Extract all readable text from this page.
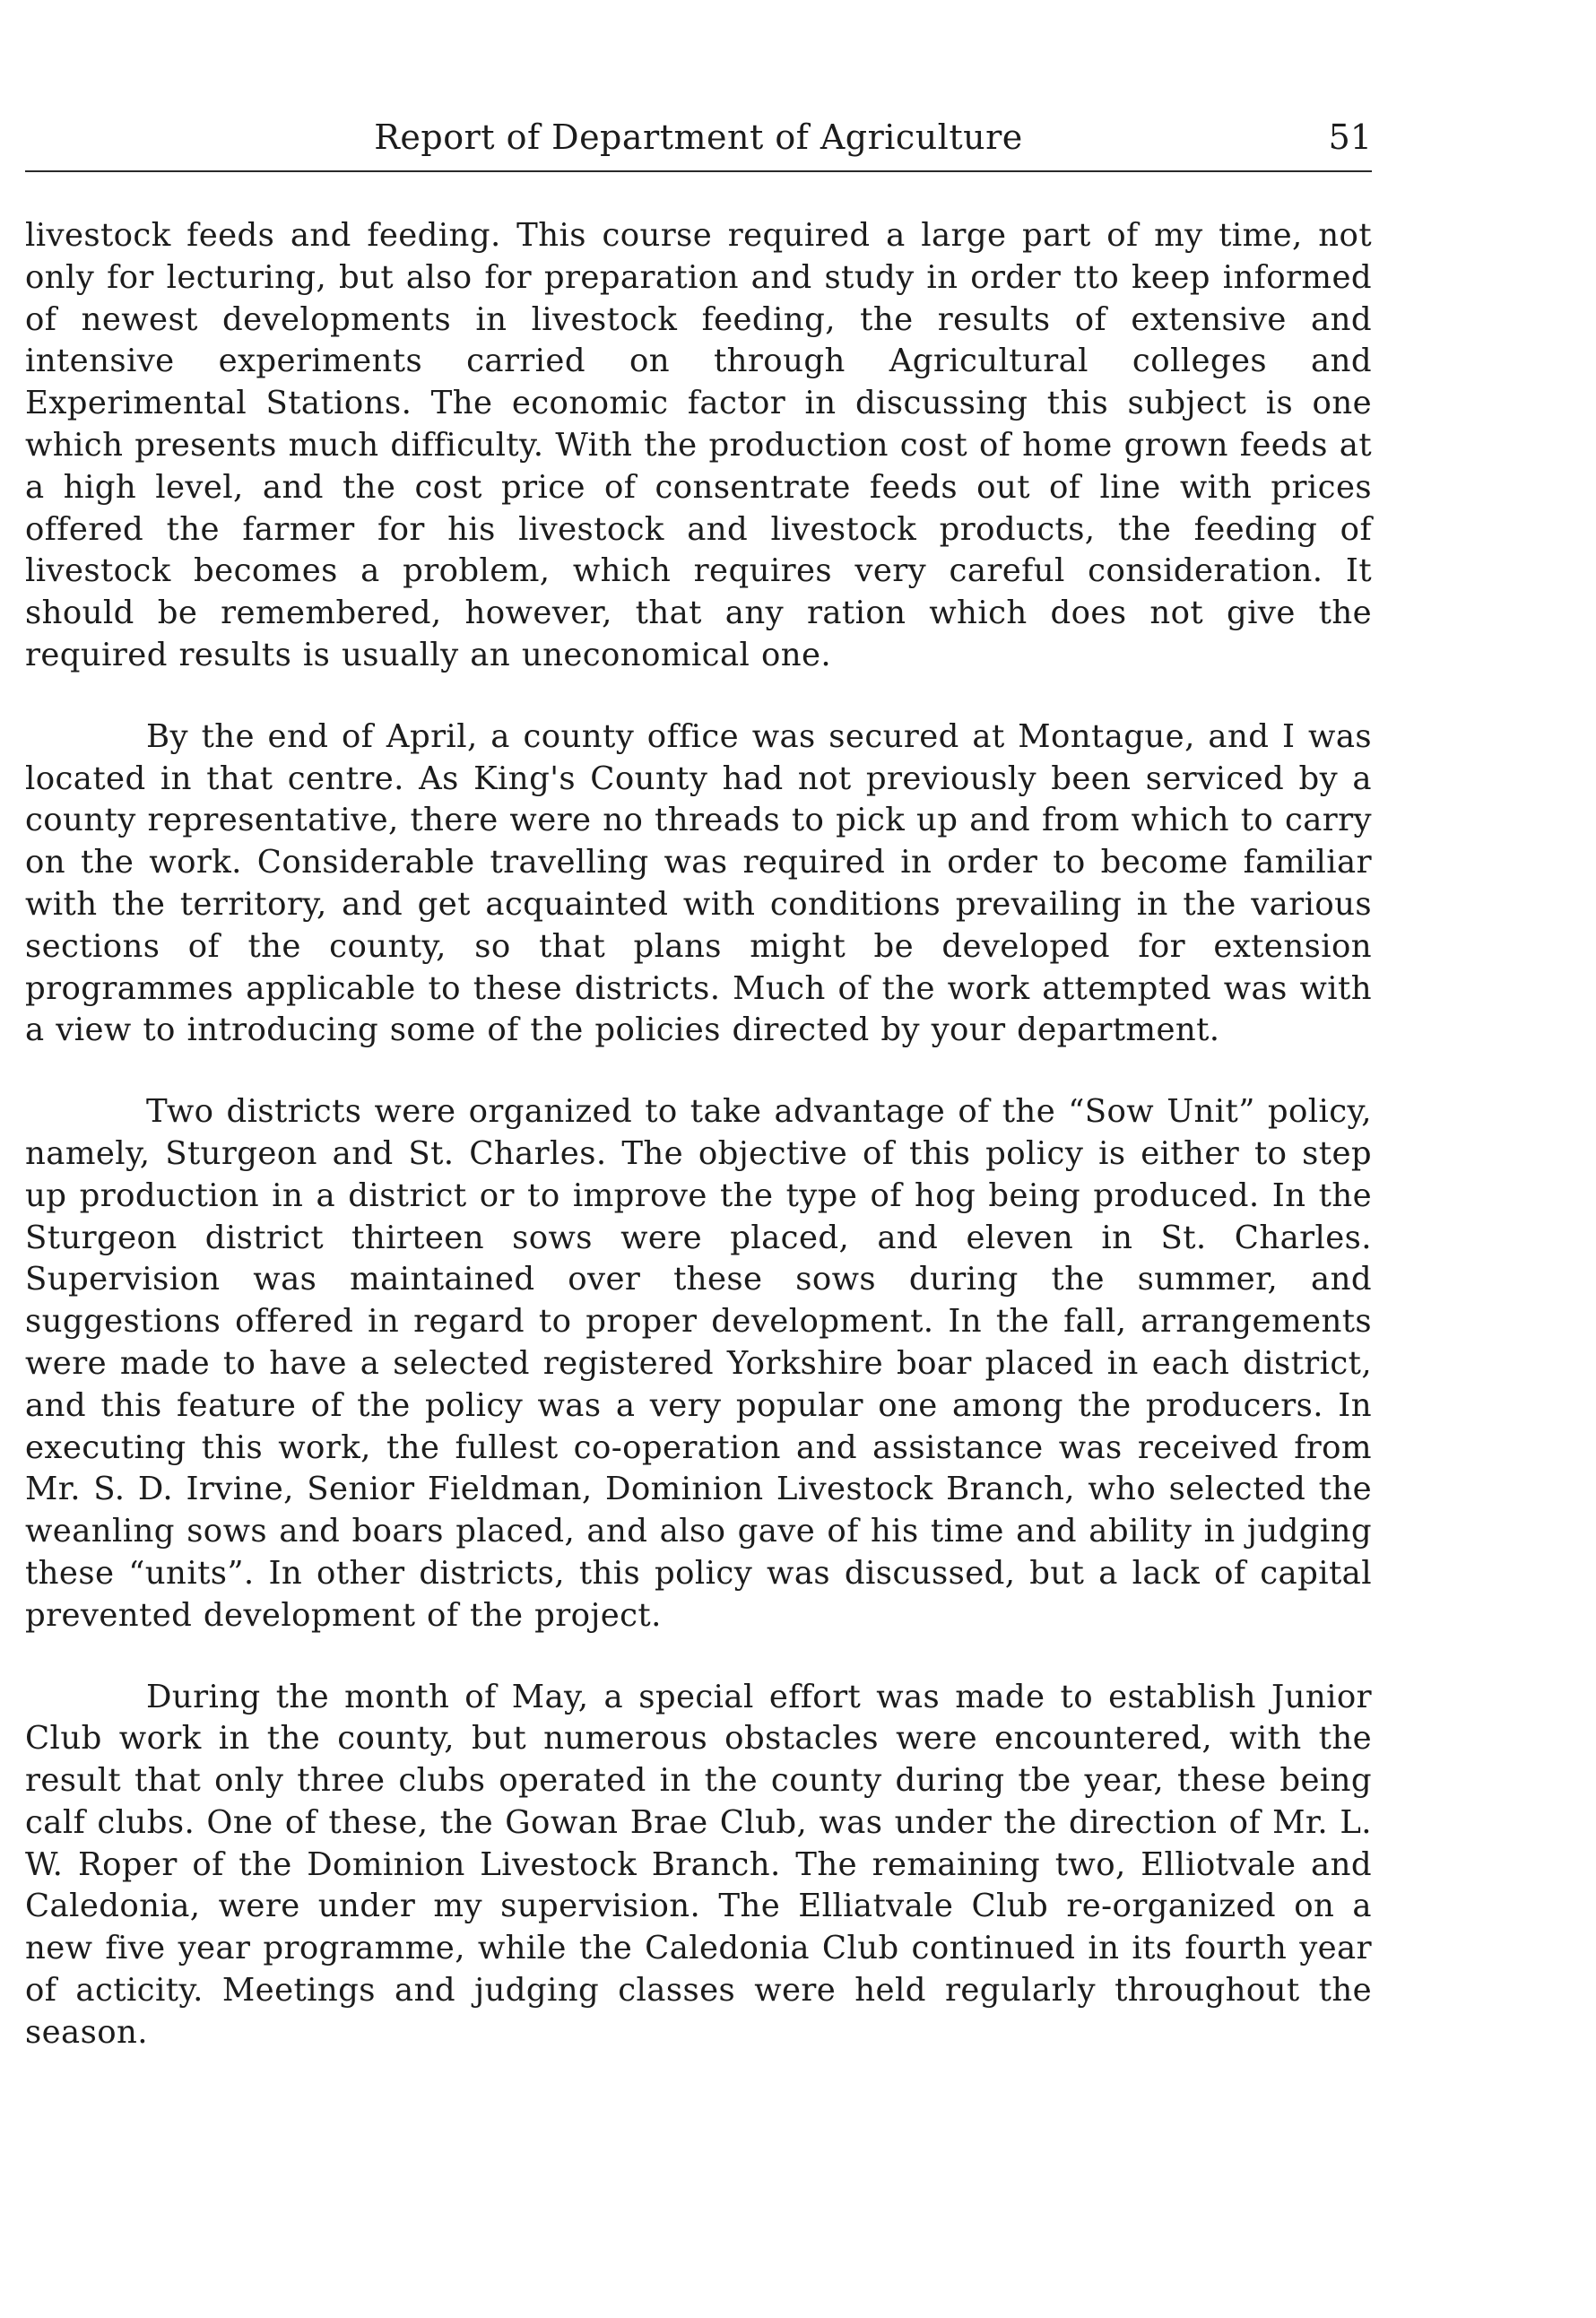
Report of Department of Agriculture	51

livestock feeds and feeding. This course required a large part of my time, not only for lecturing, but also for preparation and study in order tto keep informed of newest developments in livestock feeding, the results of extensive and intensive experiments carried on through Agricultural colleges and Experimental Stations. The economic factor in discussing this subject is one which presents much difficulty. With the production cost of home grown feeds at a high level, and the cost price of consentrate feeds out of line with prices offered the farmer for his livestock and livestock products, the feeding of livestock becomes a problem, which requires very careful consideration. It should be remembered, however, that any ration which does not give the required results is usually an uneconomical one.

By the end of April, a county office was secured at Montague, and I was located in that centre. As King's County had not previously been serviced by a county representative, there were no threads to pick up and from which to carry on the work. Considerable travelling was required in order to become familiar with the territory, and get acquainted with conditions prevailing in the various sections of the county, so that plans might be developed for extension programmes applicable to these districts. Much of the work attempted was with a view to introducing some of the policies directed by your department.

Two districts were organized to take advantage of the “Sow Unit” policy, namely, Sturgeon and St. Charles. The objective of this policy is either to step up production in a district or to improve the type of hog being produced. In the Sturgeon district thirteen sows were placed, and eleven in St. Charles. Supervision was maintained over these sows during the summer, and suggestions offered in regard to proper development. In the fall, arrangements were made to have a selected registered Yorkshire boar placed in each district, and this feature of the policy was a very popular one among the producers. In executing this work, the fullest co-operation and assistance was received from Mr. S. D. Irvine, Senior Fieldman, Dominion Livestock Branch, who selected the weanling sows and boars placed, and also gave of his time and ability in judging these “units”. In other districts, this policy was discussed, but a lack of capital prevented development of the project.

During the month of May, a special effort was made to establish Junior Club work in the county, but numerous obstacles were encountered, with the result that only three clubs operated in the county during tbe year, these being calf clubs. One of these, the Gowan Brae Club, was under the direction of Mr. L. W. Roper of the Dominion Livestock Branch. The remaining two, Elliotvale and Caledonia, were under my supervision. The Elliatvale Club re-organized on a new five year programme, while the Caledonia Club continued in its fourth year of acticity. Meetings and judging classes were held regularly throughout the season.
